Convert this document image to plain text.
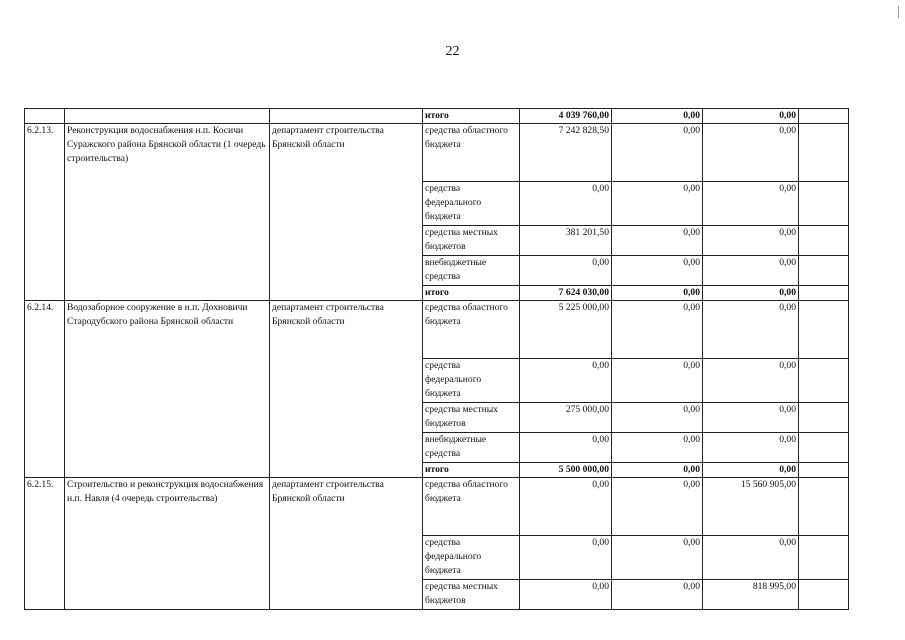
22
			итого	4 039 760,00	0,00	0,00	
6.2.13.	Реконструкция водоснабжения н.п. Косичи Суражского района Брянской области (1 очередь строительства)	департамент строительства Брянской области	средства областного бюджета	7 242 828,50	0,00	0,00	
			средства федерального бюджета	0,00	0,00	0,00	
			средства местных бюджетов	381 201,50	0,00	0,00	
			внебюджетные средства	0,00	0,00	0,00	
			итого	7 624 030,00	0,00	0,00	
6.2.14.	Водозаборное сооружение в н.п. Дохновичи Стародубского района Брянской области	департамент строительства Брянской области	средства областного бюджета	5 225 000,00	0,00	0,00	
			средства федерального бюджета	0,00	0,00	0,00	
			средства местных бюджетов	275 000,00	0,00	0,00	
			внебюджетные средства	0,00	0,00	0,00	
			итого	5 500 000,00	0,00	0,00	
6.2.15.	Строительство и реконструкция водоснабжения н.п. Навля (4 очередь строительства)	департамент строительства Брянской области	средства областного бюджета	0,00	0,00	15 560 905,00	
			средства федерального бюджета	0,00	0,00	0,00	
			средства местных бюджетов	0,00	0,00	818 995,00	
